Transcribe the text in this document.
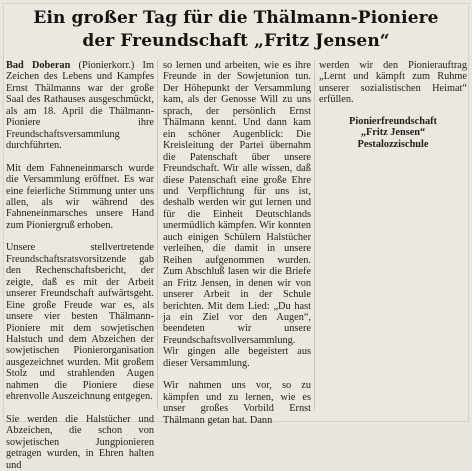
Ein großer Tag für die Thälmann-Pioniere
der Freundschaft „Fritz Jensen“

Bad Doberan (Pionierkorr.) Im Zeichen des Lebens und Kampfes Ernst Thälmanns war der große Saal des Rathauses ausgeschmückt, als am 18. April die Thälmann-Pioniere ihre Freundschaftsversammlung durchführten.

Mit dem Fahneneinmarsch wurde die Versammlung eröffnet. Es war eine feierliche Stimmung unter uns allen, als wir während des Fahneneinmarsches unsere Hand zum Pioniergruß erhoben.

Unsere stellvertretende Freundschaftsratsvorsitzende gab den Rechenschaftsbericht, der zeigte, daß es mit der Arbeit unserer Freundschaft aufwärtsgeht. Eine große Freude war es, als unsere vier besten Thälmann-Pioniere mit dem sowjetischen Halstuch und dem Abzeichen der sowjetischen Pionierorganisation ausgezeichnet wurden. Mit großem Stolz und strahlenden Augen nahmen die Pioniere diese ehrenvolle Auszeichnung entgegen.

Sie werden die Halstücher und Abzeichen, die schon von sowjetischen Jungpionieren getragen wurden, in Ehren halten und

so lernen und arbeiten, wie es ihre Freunde in der Sowjetunion tun. Der Höhepunkt der Versammlung kam, als der Genosse Will zu uns sprach, der persönlich Ernst Thälmann kennt. Und dann kam ein schöner Augenblick: Die Kreisleitung der Partei übernahm die Patenschaft über unsere Freundschaft. Wir alle wissen, daß diese Patenschaft eine große Ehre und Verpflichtung für uns ist, deshalb werden wir gut lernen und für die Einheit Deutschlands unermüdlich kämpfen. Wir konnten auch einigen Schülern Halstücher verleihen, die damit in unsere Reihen aufgenommen wurden. Zum Abschluß lasen wir die Briefe an Fritz Jensen, in denen wir von unserer Arbeit in der Schule berichten. Mit dem Lied: „Du hast ja ein Ziel vor den Augen“, beendeten wir unsere Freundschaftsvollversammlung. Wir gingen alle begeistert aus dieser Versammlung.

Wir nahmen uns vor, so zu kämpfen und zu lernen, wie es unser großes Vorbild Ernst Thälmann getan hat. Dann

werden wir den Pionierauftrag „Lernt und kämpft zum Ruhme unserer sozialistischen Heimat“ erfüllen.

Pionierfreundschaft
„Fritz Jensen“
Pestalozzischule
